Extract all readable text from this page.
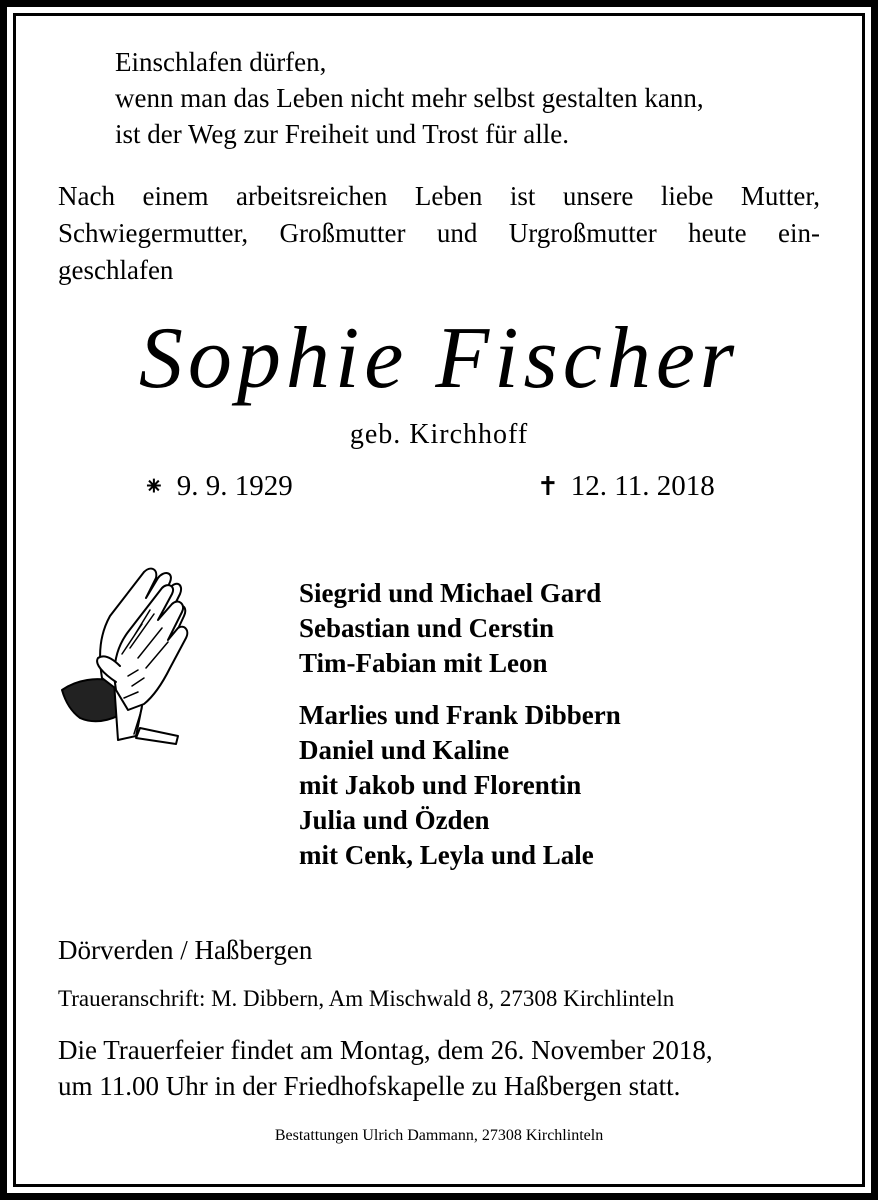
Einschlafen dürfen,
wenn man das Leben nicht mehr selbst gestalten kann,
ist der Weg zur Freiheit und Trost für alle.
Nach einem arbeitsreichen Leben ist unsere liebe Mutter,
Schwiegermutter, Großmutter und Urgroßmutter heute ein-
geschlafen
Sophie Fischer
geb. Kirchhoff
⁕ 9. 9. 1929	✝ 12. 11. 2018
Siegrid und Michael Gard
Sebastian und Cerstin
Tim-Fabian mit Leon
Marlies und Frank Dibbern
Daniel und Kaline
mit Jakob und Florentin
Julia und Özden
mit Cenk, Leyla und Lale
Dörverden / Haßbergen
Traueranschrift: M. Dibbern, Am Mischwald 8, 27308 Kirchlinteln
Die Trauerfeier findet am Montag, dem 26. November 2018,
um 11.00 Uhr in der Friedhofskapelle zu Haßbergen statt.
Bestattungen Ulrich Dammann, 27308 Kirchlinteln
